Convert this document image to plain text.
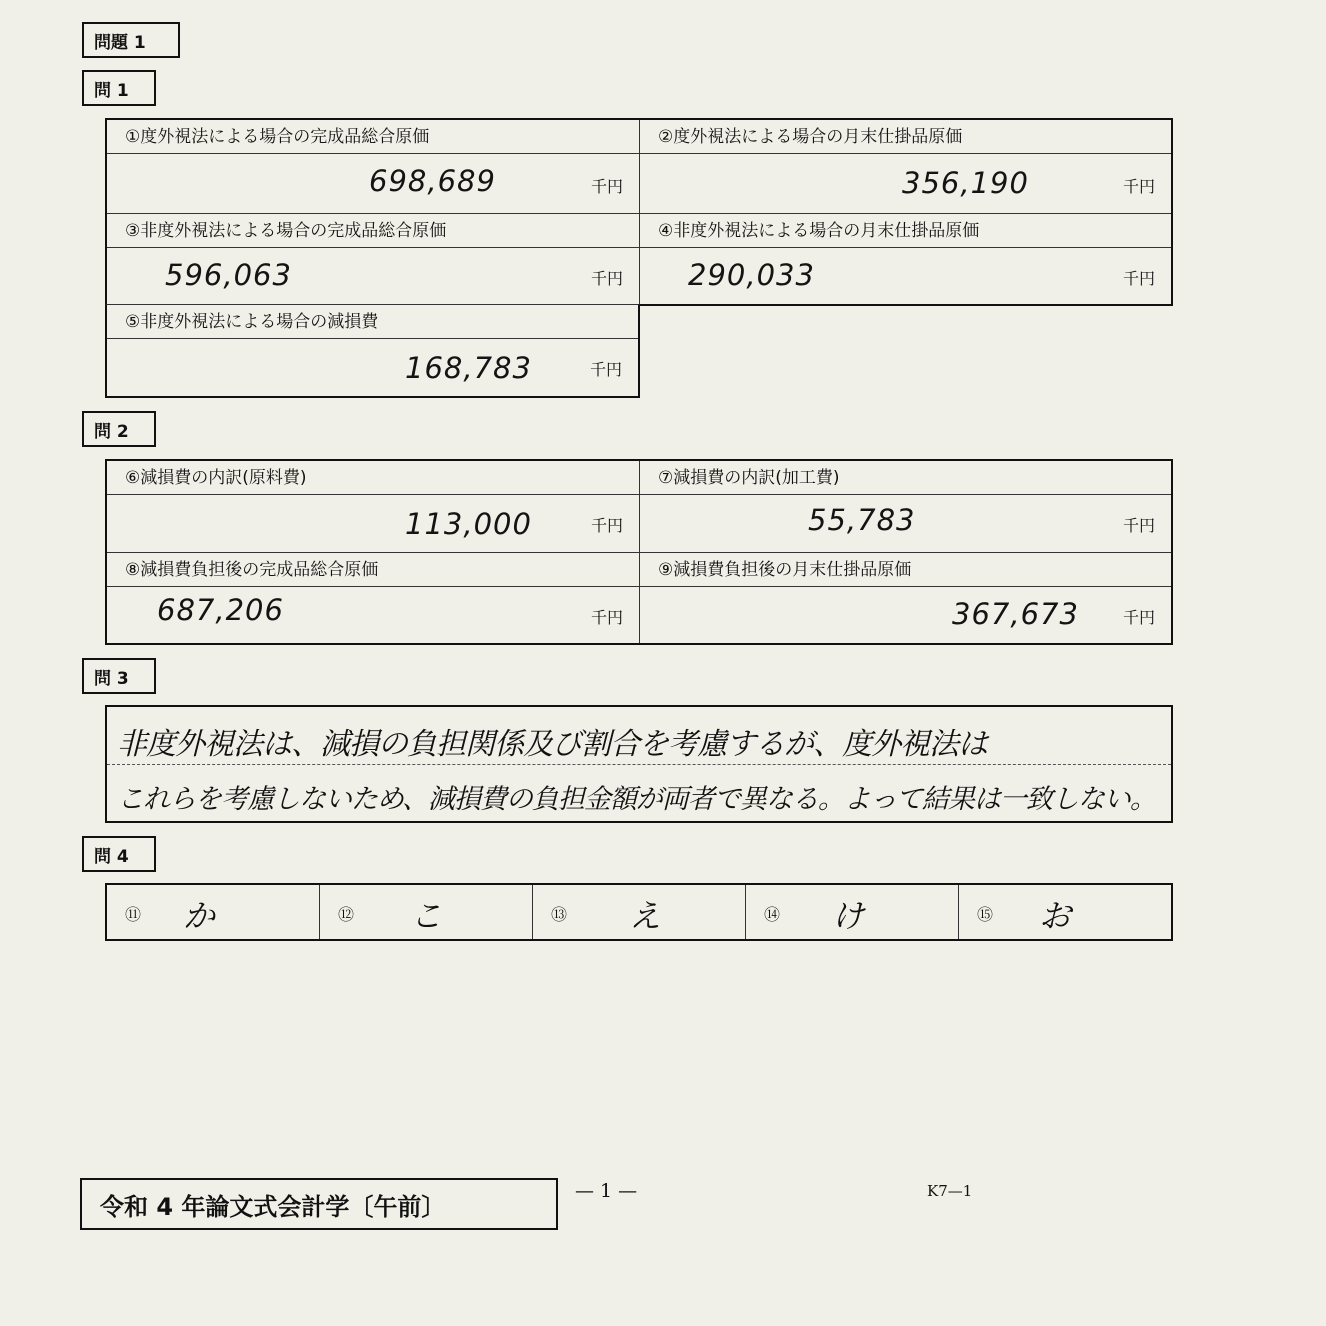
問題 1
問 1
①度外視法による場合の完成品総合原価
698,689	千円
②度外視法による場合の月末仕掛品原価
356,190	千円
③非度外視法による場合の完成品総合原価
596,063	千円
④非度外視法による場合の月末仕掛品原価
290,033	千円
⑤非度外視法による場合の減損費
168,783	千円
問 2
⑥減損費の内訳(原料費)
113,000	千円
⑦減損費の内訳(加工費)
55,783	千円
⑧減損費負担後の完成品総合原価
687,206	千円
⑨減損費負担後の月末仕掛品原価
367,673	千円
問 3
非度外視法は、減損の負担関係及び割合を考慮するが、度外視法は
これらを考慮しないため、減損費の負担金額が両者で異なる。よって結果は一致しない。
問 4
⑪ か	⑫ こ	⑬ え	⑭ け	⑮ お
令和 4 年論文式会計学〔午前〕
— 1 —	K7—1
